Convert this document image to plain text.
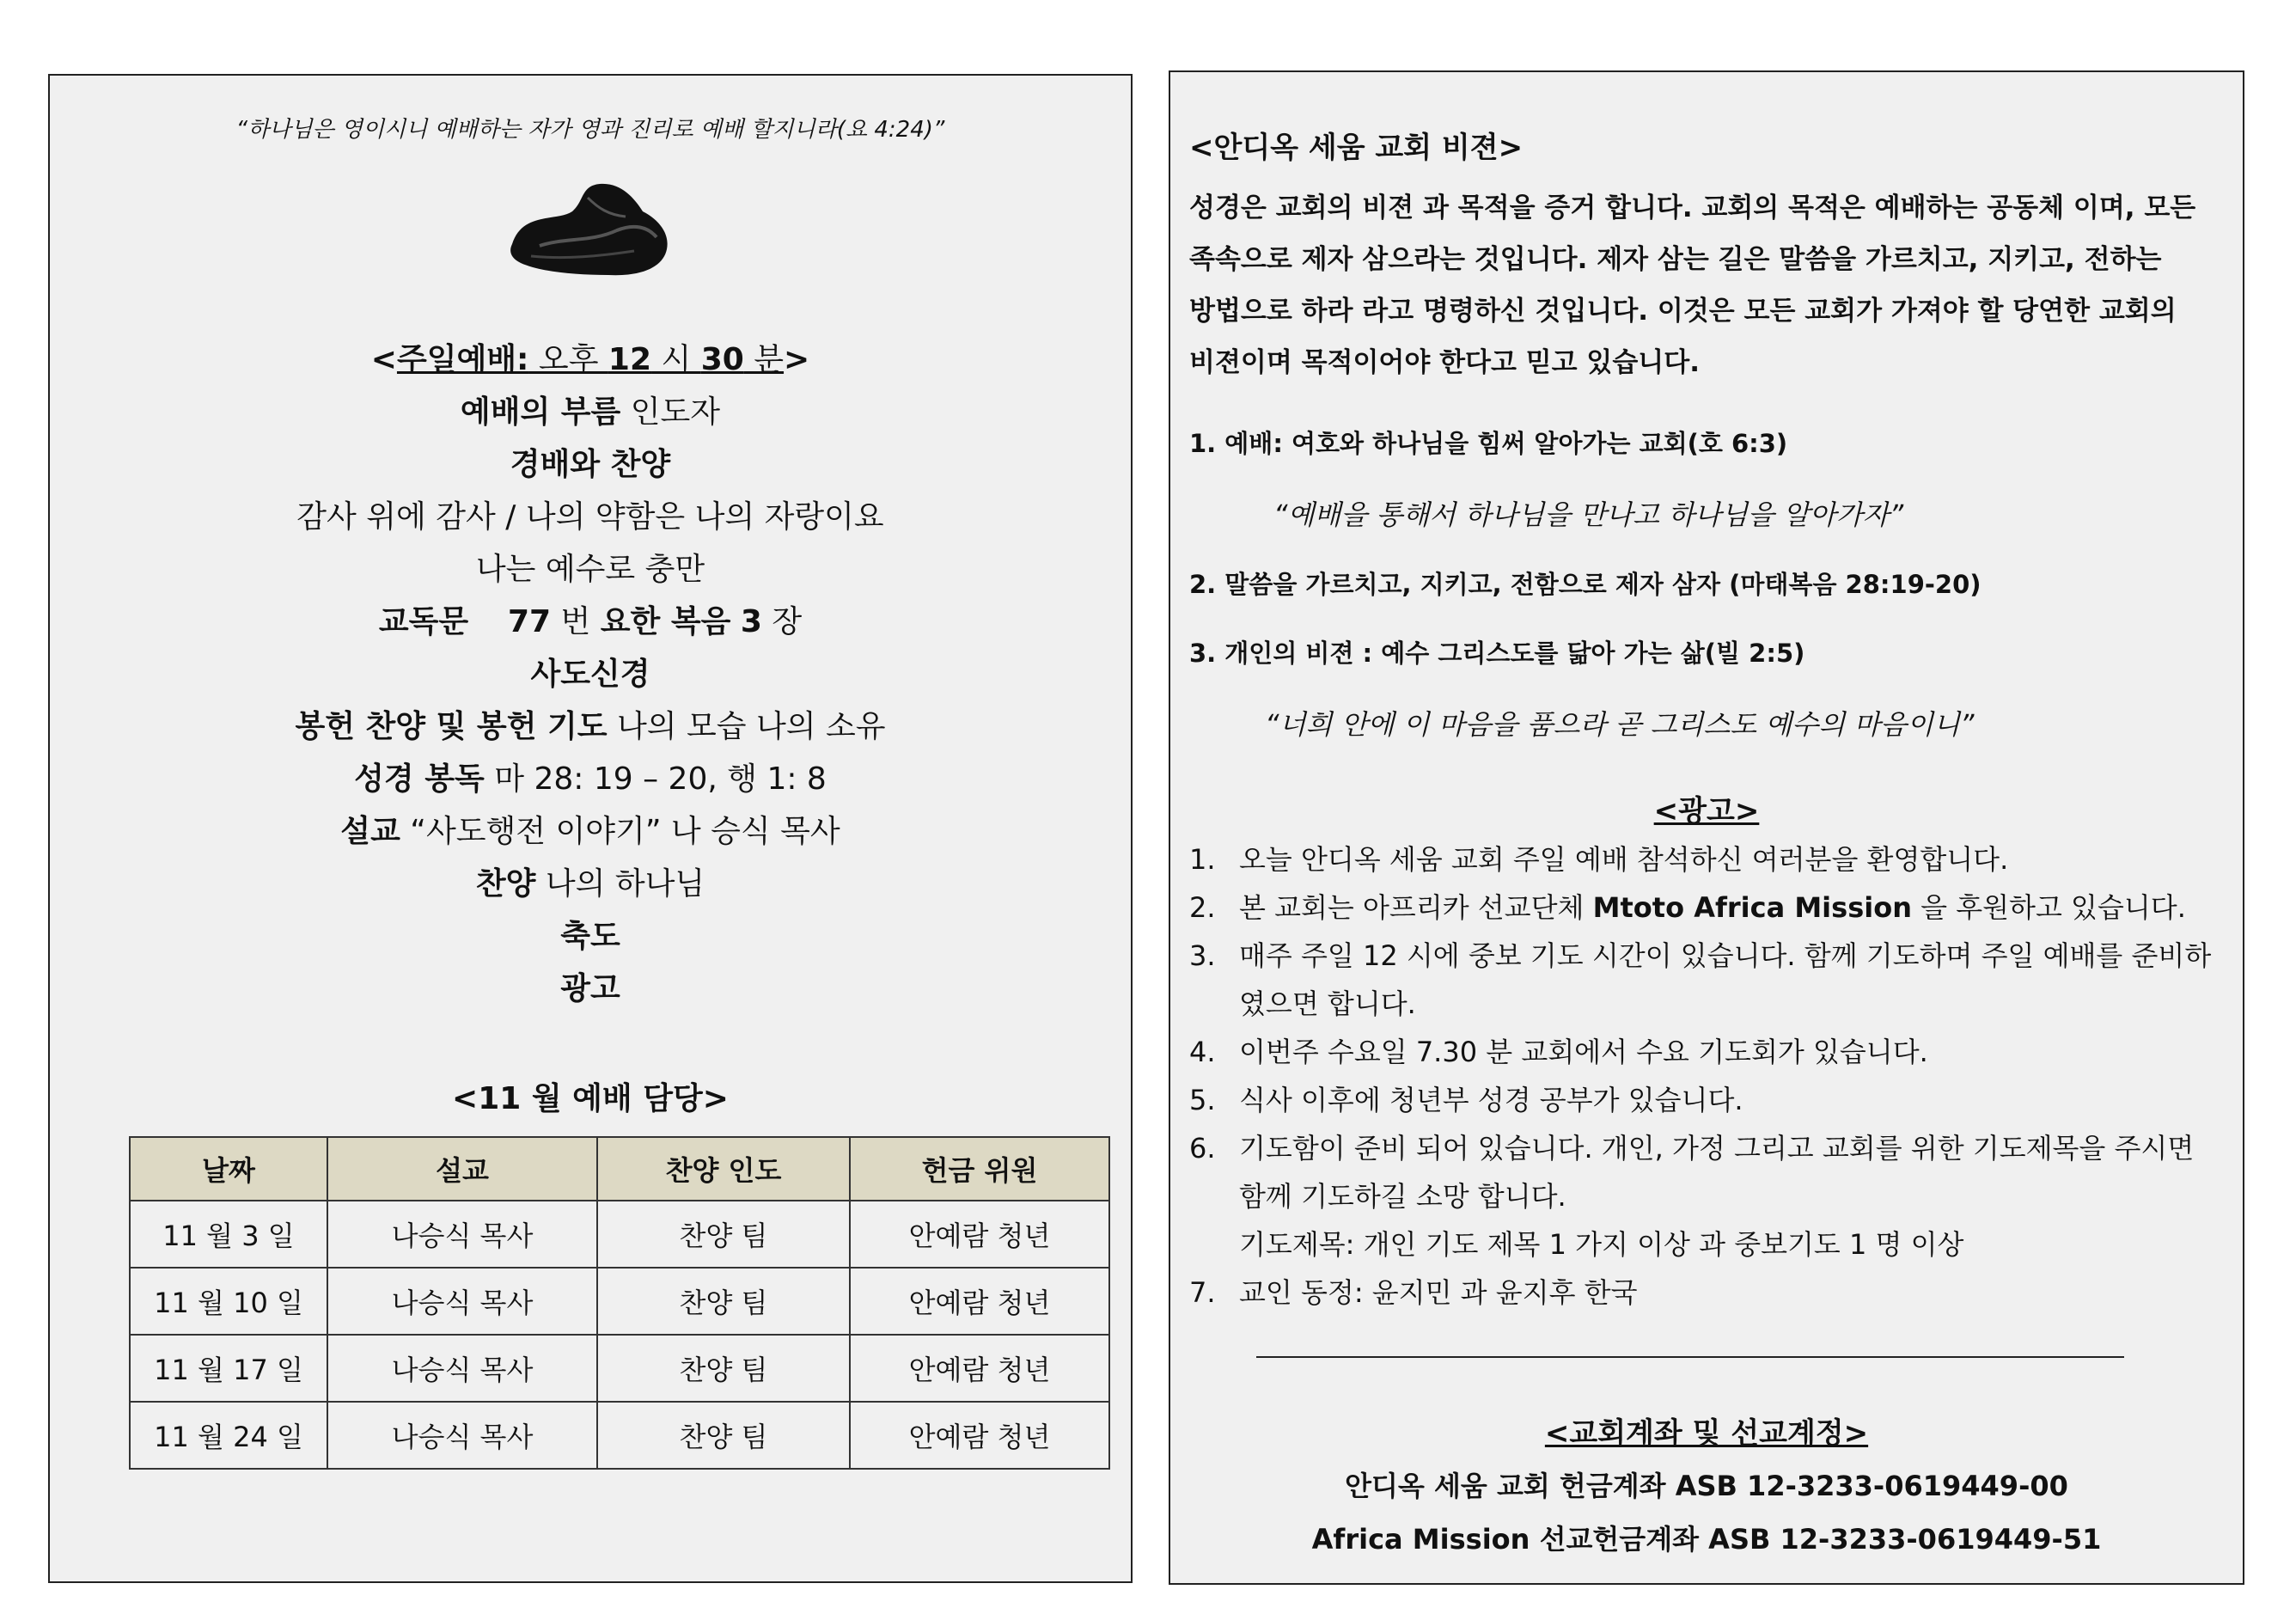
“하나님은 영이시니 예배하는 자가 영과 진리로 예배 할지니라(요 4:24)”
<주일예배: 오후 12 시 30 분>
예배의 부름 인도자
경배와 찬양
감사 위에 감사 / 나의 약함은 나의 자랑이요
나는 예수로 충만
교독문 77 번 요한 복음 3 장
사도신경
봉헌 찬양 및 봉헌 기도 나의 모습 나의 소유
성경 봉독 마 28: 19 – 20, 행 1: 8
설교 “사도행전 이야기” 나 승식 목사
찬양 나의 하나님
축도
광고
<11 월 예배 담당>
날짜	설교	찬양 인도	헌금 위원
11 월 3 일	나승식 목사	찬양 팀	안예람 청년
11 월 10 일	나승식 목사	찬양 팀	안예람 청년
11 월 17 일	나승식 목사	찬양 팀	안예람 청년
11 월 24 일	나승식 목사	찬양 팀	안예람 청년
<안디옥 세움 교회 비젼>
성경은 교회의 비젼 과 목적을 증거 합니다. 교회의 목적은 예배하는 공동체 이며, 모든
족속으로 제자 삼으라는 것입니다. 제자 삼는 길은 말씀을 가르치고, 지키고, 전하는
방법으로 하라 라고 명령하신 것입니다. 이것은 모든 교회가 가져야 할 당연한 교회의
비젼이며 목적이어야 한다고 믿고 있습니다.
1. 예배: 여호와 하나님을 힘써 알아가는 교회(호 6:3)
“예배을 통해서 하나님을 만나고 하나님을 알아가자”
2. 말씀을 가르치고, 지키고, 전함으로 제자 삼자 (마태복음 28:19-20)
3. 개인의 비젼 : 예수 그리스도를 닮아 가는 삶(빌 2:5)
“너희 안에 이 마음을 품으라 곧 그리스도 예수의 마음이니”
<광고>
1. 오늘 안디옥 세움 교회 주일 예배 참석하신 여러분을 환영합니다.
2. 본 교회는 아프리카 선교단체 Mtoto Africa Mission 을 후원하고 있습니다.
3. 매주 주일 12 시에 중보 기도 시간이 있습니다. 함께 기도하며 주일 예배를 준비하였으면 합니다.
4. 이번주 수요일 7.30 분 교회에서 수요 기도회가 있습니다.
5. 식사 이후에 청년부 성경 공부가 있습니다.
6. 기도함이 준비 되어 있습니다. 개인, 가정 그리고 교회를 위한 기도제목을 주시면 함께 기도하길 소망 합니다.
기도제목: 개인 기도 제목 1 가지 이상 과 중보기도 1 명 이상
7. 교인 동정: 윤지민 과 윤지후 한국
<교회계좌 및 선교계정>
안디옥 세움 교회 헌금계좌 ASB 12-3233-0619449-00
Africa Mission 선교헌금계좌 ASB 12-3233-0619449-51
